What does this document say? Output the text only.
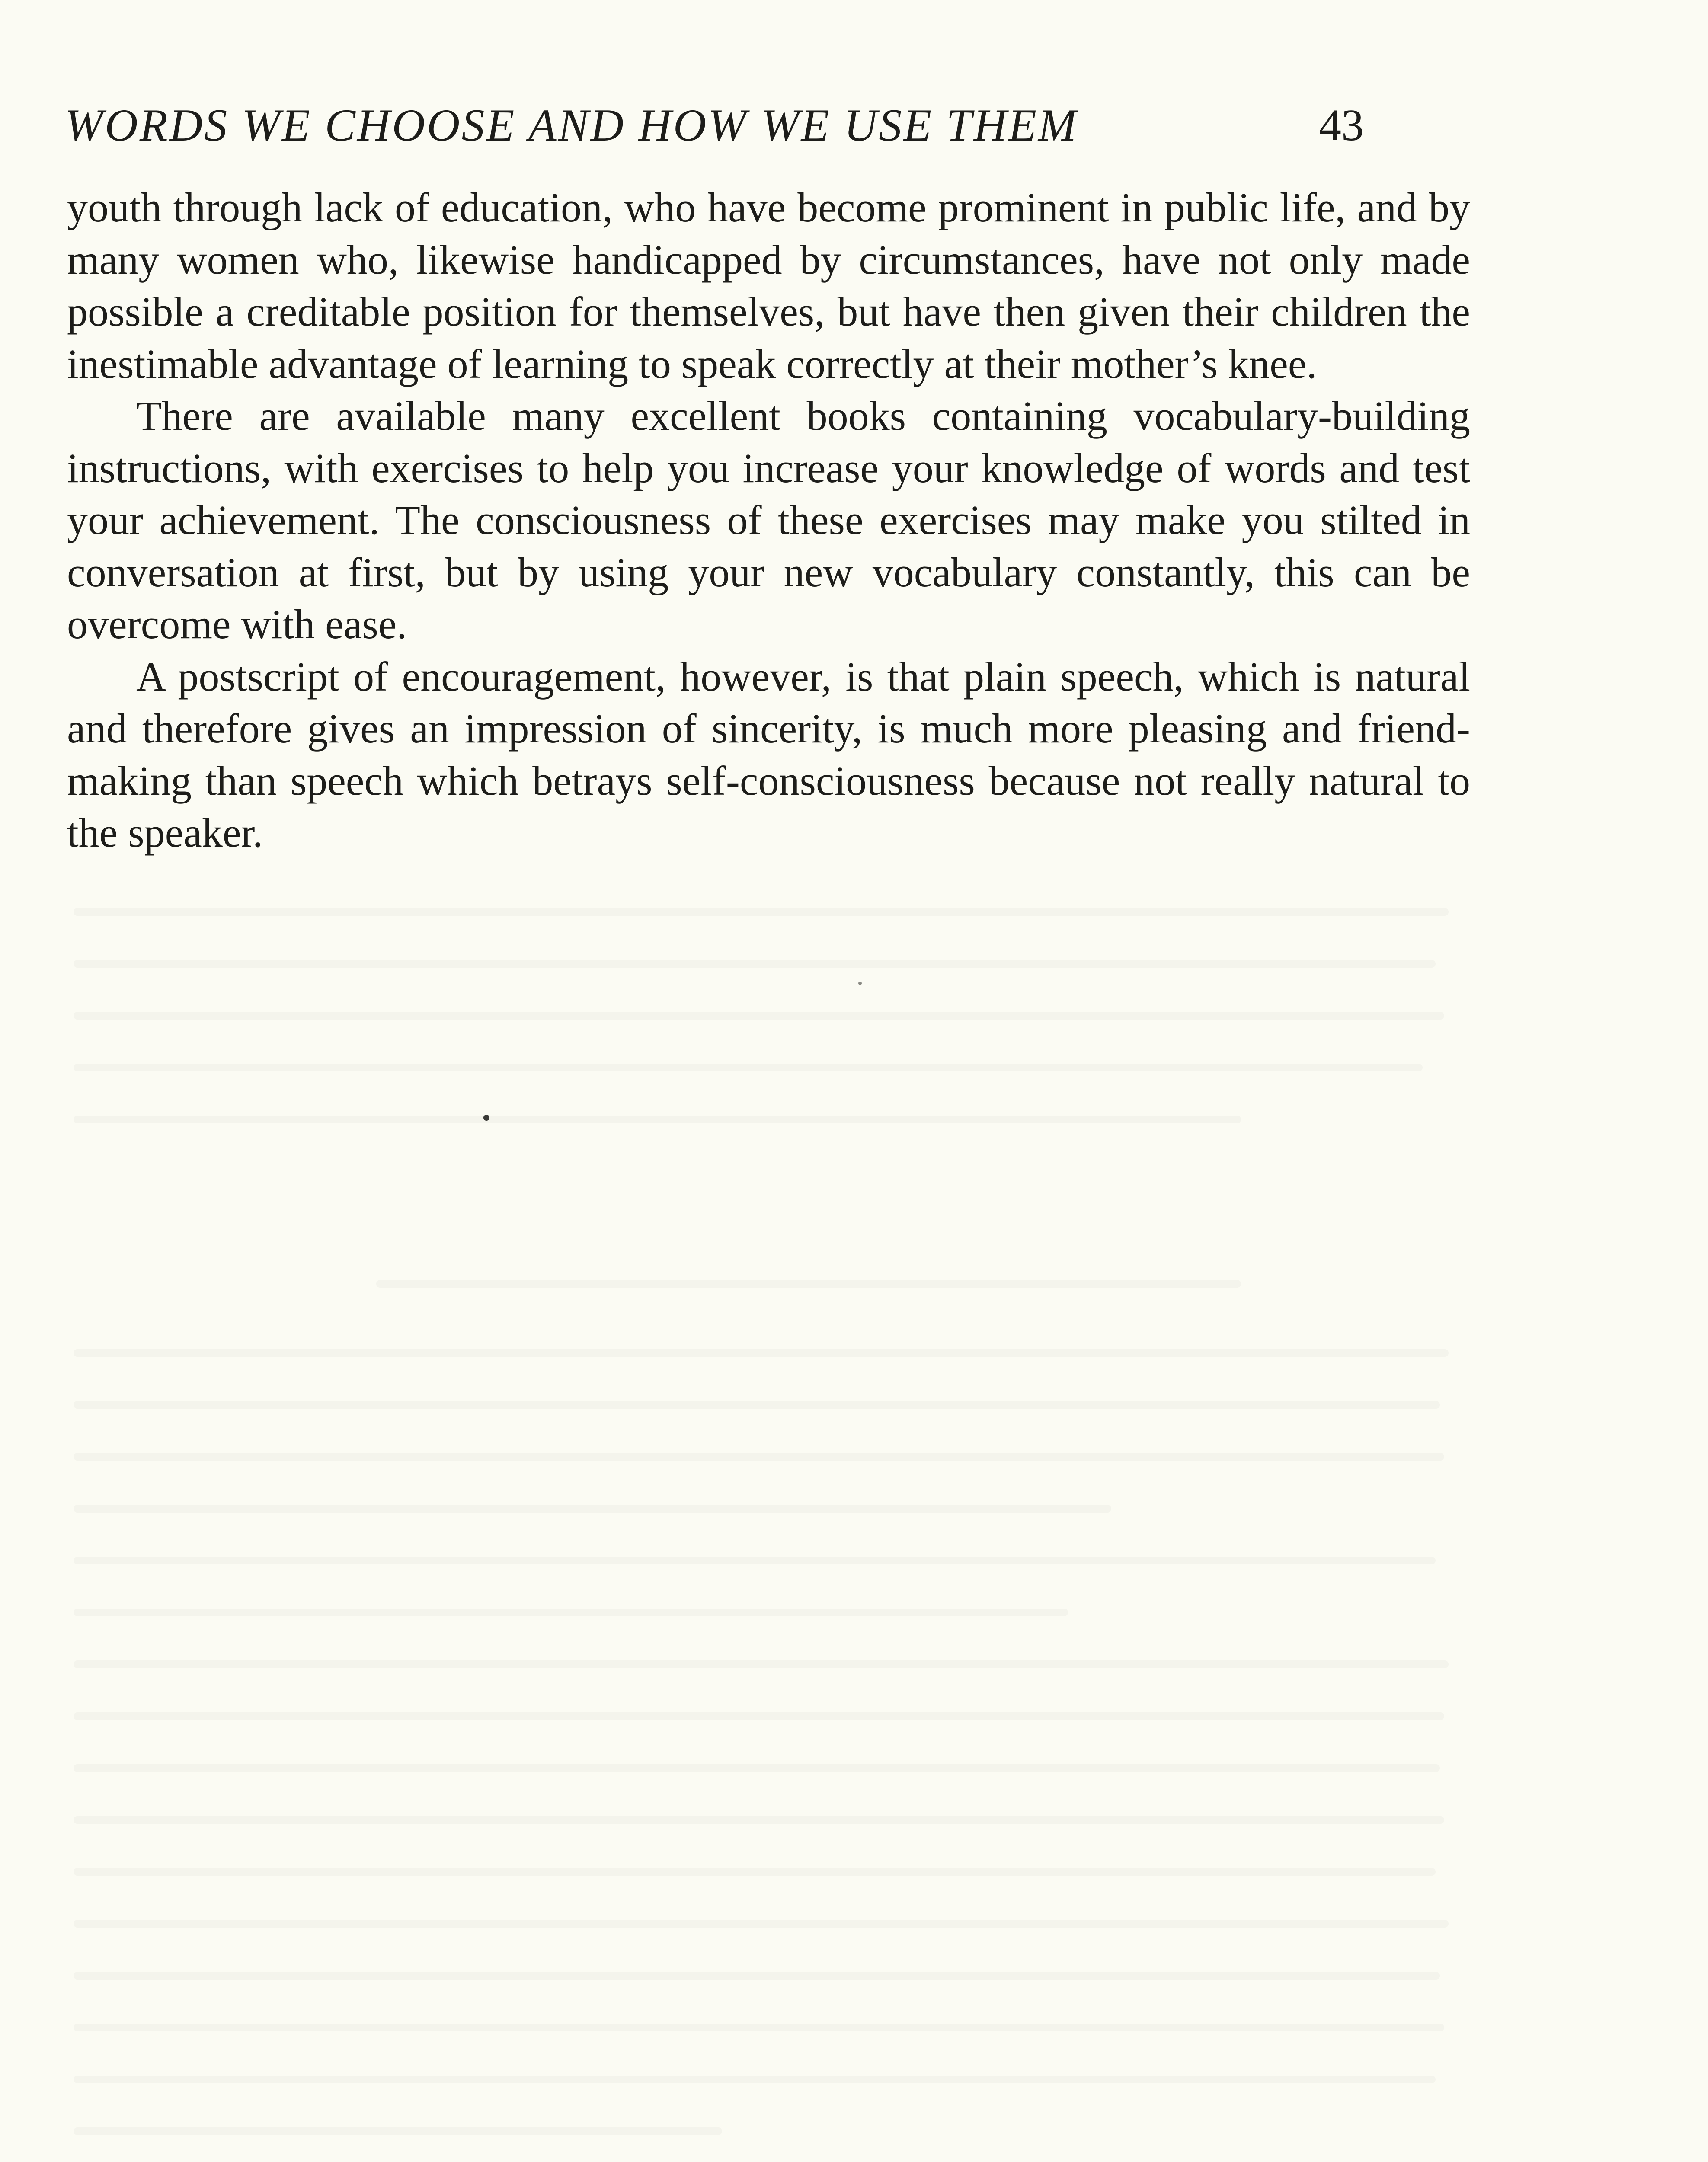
WORDS WE CHOOSE AND HOW WE USE THEM	43

youth through lack of education, who have become prominent in public life, and by many women who, likewise handicapped by circumstances, have not only made possible a creditable position for themselves, but have then given their children the inestimable advantage of learning to speak correctly at their mother’s knee.

There are available many excellent books containing vocabulary-building instructions, with exercises to help you increase your knowledge of words and test your achievement. The consciousness of these exercises may make you stilted in conversation at first, but by using your new vocabulary constantly, this can be overcome with ease.

A postscript of encouragement, however, is that plain speech, which is natural and therefore gives an impression of sincerity, is much more pleasing and friend-making than speech which betrays self-consciousness because not really natural to the speaker.
